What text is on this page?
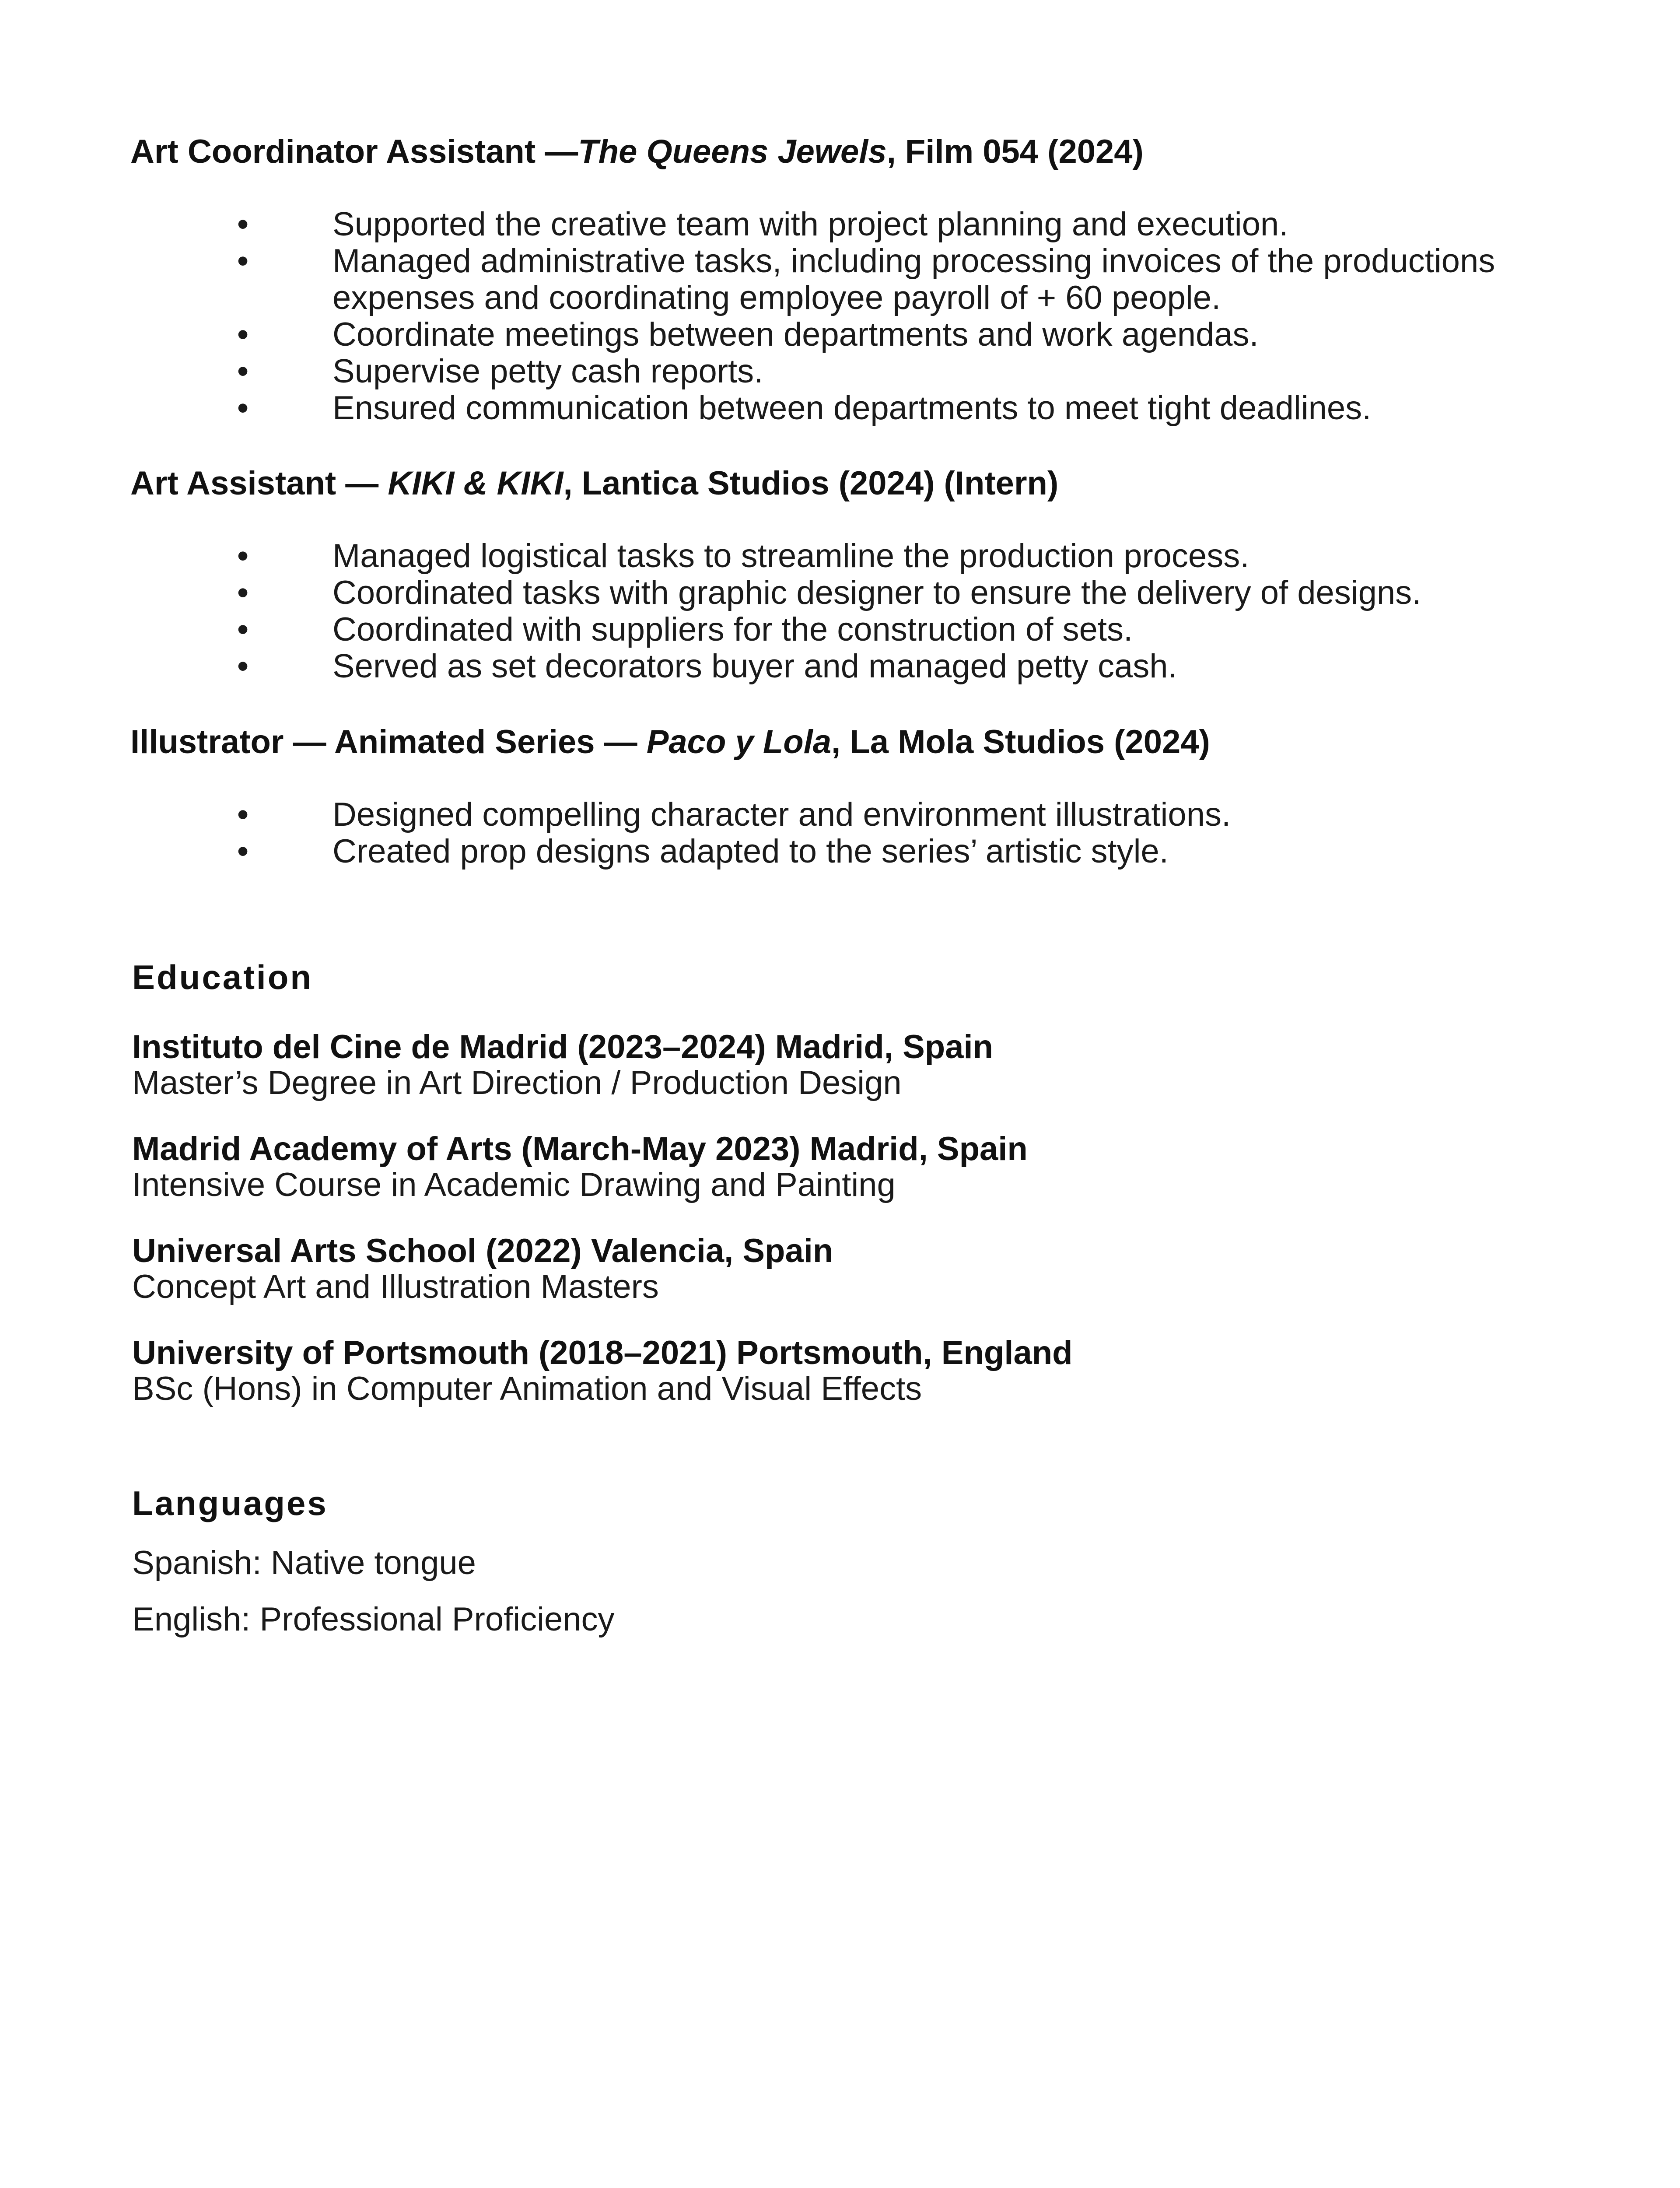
Art Coordinator Assistant —The Queens Jewels, Film 054 (2024)

•	Supported the creative team with project planning and execution.
•	Managed administrative tasks, including processing invoices of the productions expenses and coordinating employee payroll of + 60 people.
•	Coordinate meetings between departments and work agendas.
•	Supervise petty cash reports.
•	Ensured communication between departments to meet tight deadlines.

Art Assistant — KIKI & KIKI, Lantica Studios (2024) (Intern)

•	Managed logistical tasks to streamline the production process.
•	Coordinated tasks with graphic designer to ensure the delivery of designs.
•	Coordinated with suppliers for the construction of sets.
•	Served as set decorators buyer and managed petty cash.

Illustrator — Animated Series — Paco y Lola, La Mola Studios (2024)

•	Designed compelling character and environment illustrations.
•	Created prop designs adapted to the series’ artistic style.
Education

Instituto del Cine de Madrid (2023–2024) Madrid, Spain

Master’s Degree in Art Direction / Production Design

Madrid Academy of Arts (March-May 2023) Madrid, Spain

Intensive Course in Academic Drawing and Painting

Universal Arts School (2022) Valencia, Spain

Concept Art and Illustration Masters

University of Portsmouth (2018–2021) Portsmouth, England

BSc (Hons) in Computer Animation and Visual Effects

Languages

Spanish: Native tongue

English: Professional Proficiency
